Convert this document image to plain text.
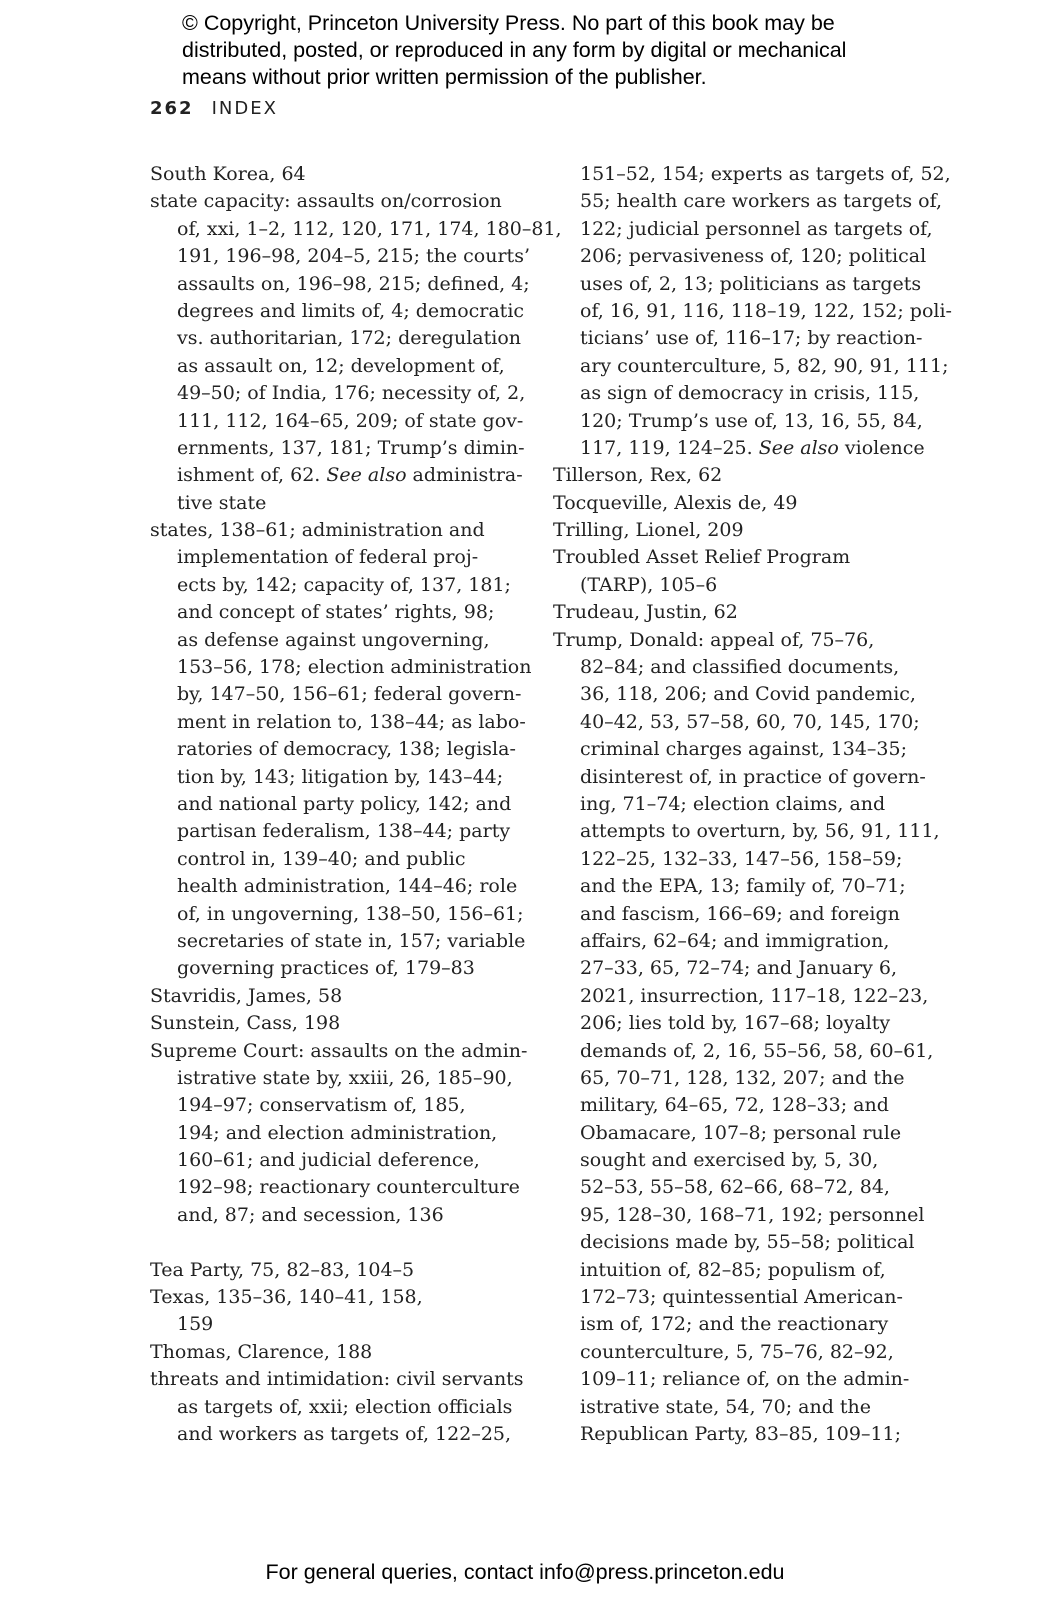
© Copyright, Princeton University Press. No part of this book may be
distributed, posted, or reproduced in any form by digital or mechanical
means without prior written permission of the publisher.
262 INDEX
South Korea, 64
state capacity: assaults on/corrosion
of, xxi, 1–2, 112, 120, 171, 174, 180–81,
191, 196–98, 204–5, 215; the courts’
assaults on, 196–98, 215; defined, 4;
degrees and limits of, 4; democratic
vs. authoritarian, 172; deregulation
as assault on, 12; development of,
49–50; of India, 176; necessity of, 2,
111, 112, 164–65, 209; of state gov-
ernments, 137, 181; Trump’s dimin-
ishment of, 62. See also administra-
tive state
states, 138–61; administration and
implementation of federal proj-
ects by, 142; capacity of, 137, 181;
and concept of states’ rights, 98;
as defense against ungoverning,
153–56, 178; election administration
by, 147–50, 156–61; federal govern-
ment in relation to, 138–44; as labo-
ratories of democracy, 138; legisla-
tion by, 143; litigation by, 143–44;
and national party policy, 142; and
partisan federalism, 138–44; party
control in, 139–40; and public
health administration, 144–46; role
of, in ungoverning, 138–50, 156–61;
secretaries of state in, 157; variable
governing practices of, 179–83
Stavridis, James, 58
Sunstein, Cass, 198
Supreme Court: assaults on the admin-
istrative state by, xxiii, 26, 185–90,
194–97; conservatism of, 185,
194; and election administration,
160–61; and judicial deference,
192–98; reactionary counterculture
and, 87; and secession, 136
Tea Party, 75, 82–83, 104–5
Texas, 135–36, 140–41, 158,
159
Thomas, Clarence, 188
threats and intimidation: civil servants
as targets of, xxii; election officials
and workers as targets of, 122–25,
151–52, 154; experts as targets of, 52,
55; health care workers as targets of,
122; judicial personnel as targets of,
206; pervasiveness of, 120; political
uses of, 2, 13; politicians as targets
of, 16, 91, 116, 118–19, 122, 152; poli-
ticians’ use of, 116–17; by reaction-
ary counterculture, 5, 82, 90, 91, 111;
as sign of democracy in crisis, 115,
120; Trump’s use of, 13, 16, 55, 84,
117, 119, 124–25. See also violence
Tillerson, Rex, 62
Tocqueville, Alexis de, 49
Trilling, Lionel, 209
Troubled Asset Relief Program
(TARP), 105–6
Trudeau, Justin, 62
Trump, Donald: appeal of, 75–76,
82–84; and classified documents,
36, 118, 206; and Covid pandemic,
40–42, 53, 57–58, 60, 70, 145, 170;
criminal charges against, 134–35;
disinterest of, in practice of govern-
ing, 71–74; election claims, and
attempts to overturn, by, 56, 91, 111,
122–25, 132–33, 147–56, 158–59;
and the EPA, 13; family of, 70–71;
and fascism, 166–69; and foreign
affairs, 62–64; and immigration,
27–33, 65, 72–74; and January 6,
2021, insurrection, 117–18, 122–23,
206; lies told by, 167–68; loyalty
demands of, 2, 16, 55–56, 58, 60–61,
65, 70–71, 128, 132, 207; and the
military, 64–65, 72, 128–33; and
Obamacare, 107–8; personal rule
sought and exercised by, 5, 30,
52–53, 55–58, 62–66, 68–72, 84,
95, 128–30, 168–71, 192; personnel
decisions made by, 55–58; political
intuition of, 82–85; populism of,
172–73; quintessential American-
ism of, 172; and the reactionary
counterculture, 5, 75–76, 82–92,
109–11; reliance of, on the admin-
istrative state, 54, 70; and the
Republican Party, 83–85, 109–11;
For general queries, contact info@press.princeton.edu
